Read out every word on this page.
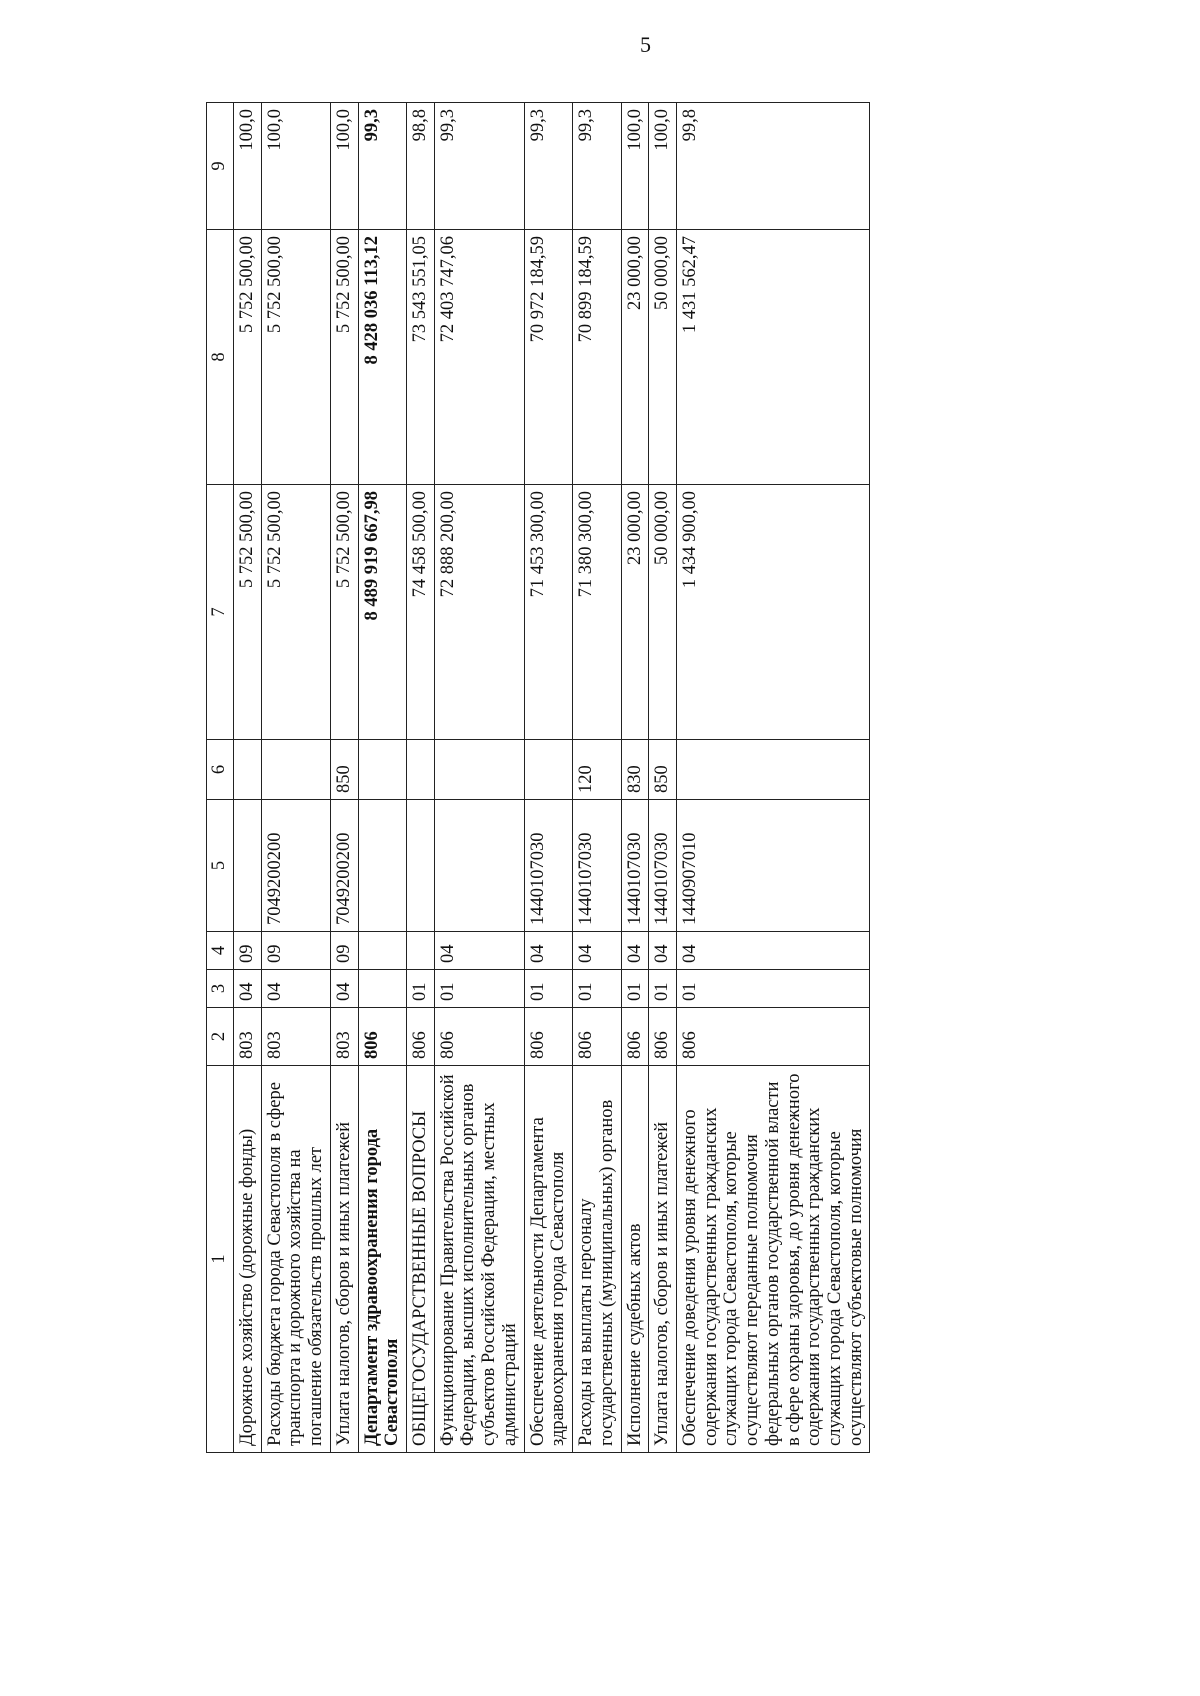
5
1	2	3	4	5	6	7	8	9
Дорожное хозяйство (дорожные фонды)	803	04	09			5 752 500,00	5 752 500,00	100,0
Расходы бюджета города Севастополя в сфере транспорта и дорожного хозяйства на погашение обязательств прошлых лет	803	04	09	7049200200		5 752 500,00	5 752 500,00	100,0
Уплата налогов, сборов и иных платежей	803	04	09	7049200200	850	5 752 500,00	5 752 500,00	100,0
Департамент здравоохранения города Севастополя	806					8 489 919 667,98	8 428 036 113,12	99,3
ОБЩЕГОСУДАРСТВЕННЫЕ ВОПРОСЫ	806	01				74 458 500,00	73 543 551,05	98,8
Функционирование Правительства Российской Федерации, высших исполнительных органов субъектов Российской Федерации, местных администраций	806	01	04			72 888 200,00	72 403 747,06	99,3
Обеспечение деятельности Департамента здравоохранения города Севастополя	806	01	04	1440107030		71 453 300,00	70 972 184,59	99,3
Расходы на выплаты персоналу государственных (муниципальных) органов	806	01	04	1440107030	120	71 380 300,00	70 899 184,59	99,3
Исполнение судебных актов	806	01	04	1440107030	830	23 000,00	23 000,00	100,0
Уплата налогов, сборов и иных платежей	806	01	04	1440107030	850	50 000,00	50 000,00	100,0
Обеспечение доведения уровня денежного содержания государственных гражданских служащих города Севастополя, которые осуществляют переданные полномочия федеральных органов государственной власти в сфере охраны здоровья, до уровня денежного содержания государственных гражданских служащих города Севастополя, которые осуществляют субъектовые полномочия	806	01	04	1440907010		1 434 900,00	1 431 562,47	99,8
